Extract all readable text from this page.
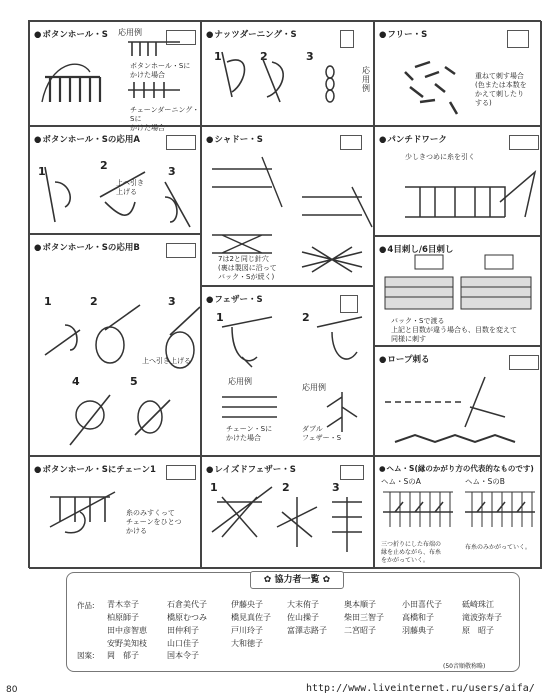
● ボタンホール・S 応用例
ボタンホール・Sに
かけた場合
チェーンダーニング・Sに
かけた場合
● ナッツダーニング・S
1	2	3
応用例
● フリー・S
重ねて刺す場合
(色または本数を
かえて刺したり
する)
● ボタンホール・Sの応用A
1	2	3
上へ引き
上げる
● シャドー・S
7は2と同じ針穴
(裏は製図に沿って
バック・Sが続く)
● パンチドワーク
少しきつめに糸を引く
● ボタンホール・Sの応用B
1	2	3
4	5
上へ引き上げる
● フェザー・S
1	2
応用例
応用例
チェーン・Sに
かけた場合
ダブル
フェザー・S
● 4目刺し/6目刺し
バック・Sで渡る
上記と目数が違う場合も、目数を変えて
同様に刺す
● ロープ刺る
● ボタンホール・Sにチェーン1
糸のみすくって
チェーンをひとつ
かける
● レイズドフェザー・S
1	2	3
● ヘム・S(縁のかがり方の代表的なものです)
ヘム・SのA	ヘム・SのB
三つ折りにした布端の
縁を止めながら、布糸
をかがっていく。
布糸のみかがっていく。
✿ 協力者一覧 ✿
作品:
図案:
青木幸子	石倉美代子	伊藤央子	大末侑子	奥本順子	小田喜代子	砥崎珠江
柏原師子	橋原むつみ	橋見真佐子 佐山操子	柴田三智子 高橋和子	滝波弥寿子
田中彦智恵	田仲利子	戸川玲子	富澤志路子 二宮昭子	羽藤典子	原　昭子
安野美知枝	山口佳子	大和徳子
岡　郁子	国本令子
(50音順敬称略)
80	http://www.liveinternet.ru/users/aifa/
